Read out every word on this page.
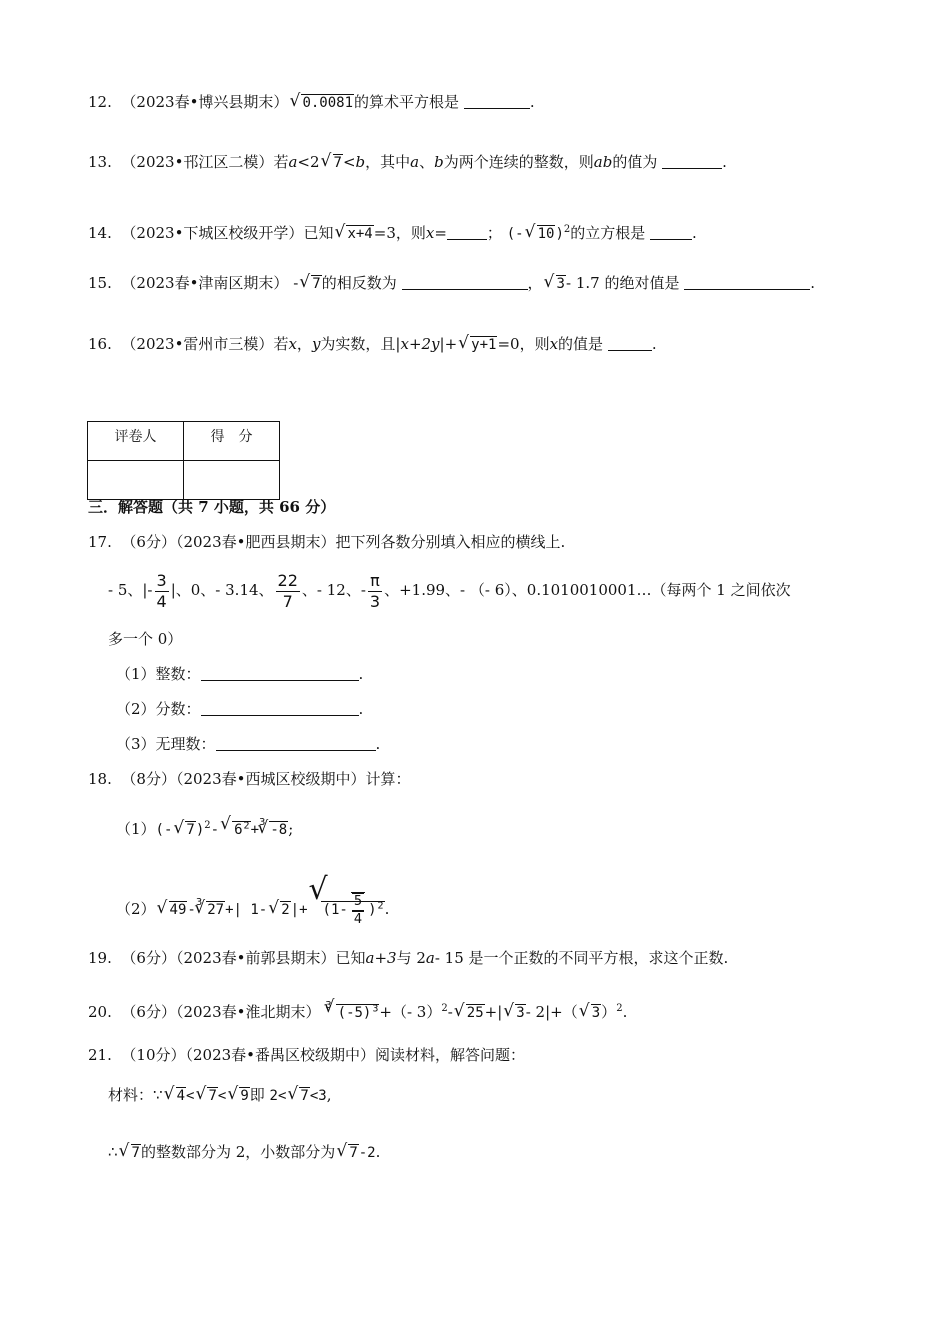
12. （2023春•博兴县期末） √ 0.0081的算术平方根是	.
13. （2023•邗江区二模）若a<2 √ 7<b，其中a、b为两个连续的整数，则ab的值为	.
14. （2023•下城区校级开学）已知 √ x+4=3，则x=	； (- √ 10)$^2$的立方根是	.
15. （2023春•津南区期末） - √ 7的相反数为	， √ 3- 1.7 的绝对值是	.
16. （2023•雷州市三模）若x，y为实数，且|x+2y|+ √ y+1=0，则x的值是	.
评卷人	得　分

三．解答题（共 7 小题，共 66 分）
17. （6分）（2023春•肥西县期末）把下列各数分别填入相应的横线上.
- 5、|- $\frac{3}{4}$ |、0、- 3.14、 $\frac{22}{7}$ 、- 12、- $\frac{\pi}{3}$ 、+1.99、- （- 6）、0.1010010001…（每两个 1 之间依次
多一个 0）
（1）整数：	.
（2）分数：	.
（3）无理数：	.
18. （8分）（2023春•西城区校级期中）计算：
（1）(- √ 7)$^2$- √ $6^2+^3$ √ -8;
（2） √ 49-$^3$ √ 27+| 1- √ 2|+ √ $(1- \frac{5}{4} )^2$.
19. （6分）（2023春•前郭县期末）已知a+3与 2a- 15 是一个正数的不同平方根，求这个正数.
20. （6分）（2023春•淮北期末） $^3$ √ $(-5)^3+(-$ 3）$^2$- √ 25+| √ 3- 2|+（ √ 3）$^2$.
21. （10分）（2023春•番禺区校级期中）阅读材料，解答问题：
材料：∵ √ 4< √ 7< √ 9即 2< √ 7<3,
∴ √ 7的整数部分为 2，小数部分为 √ 7-2.
